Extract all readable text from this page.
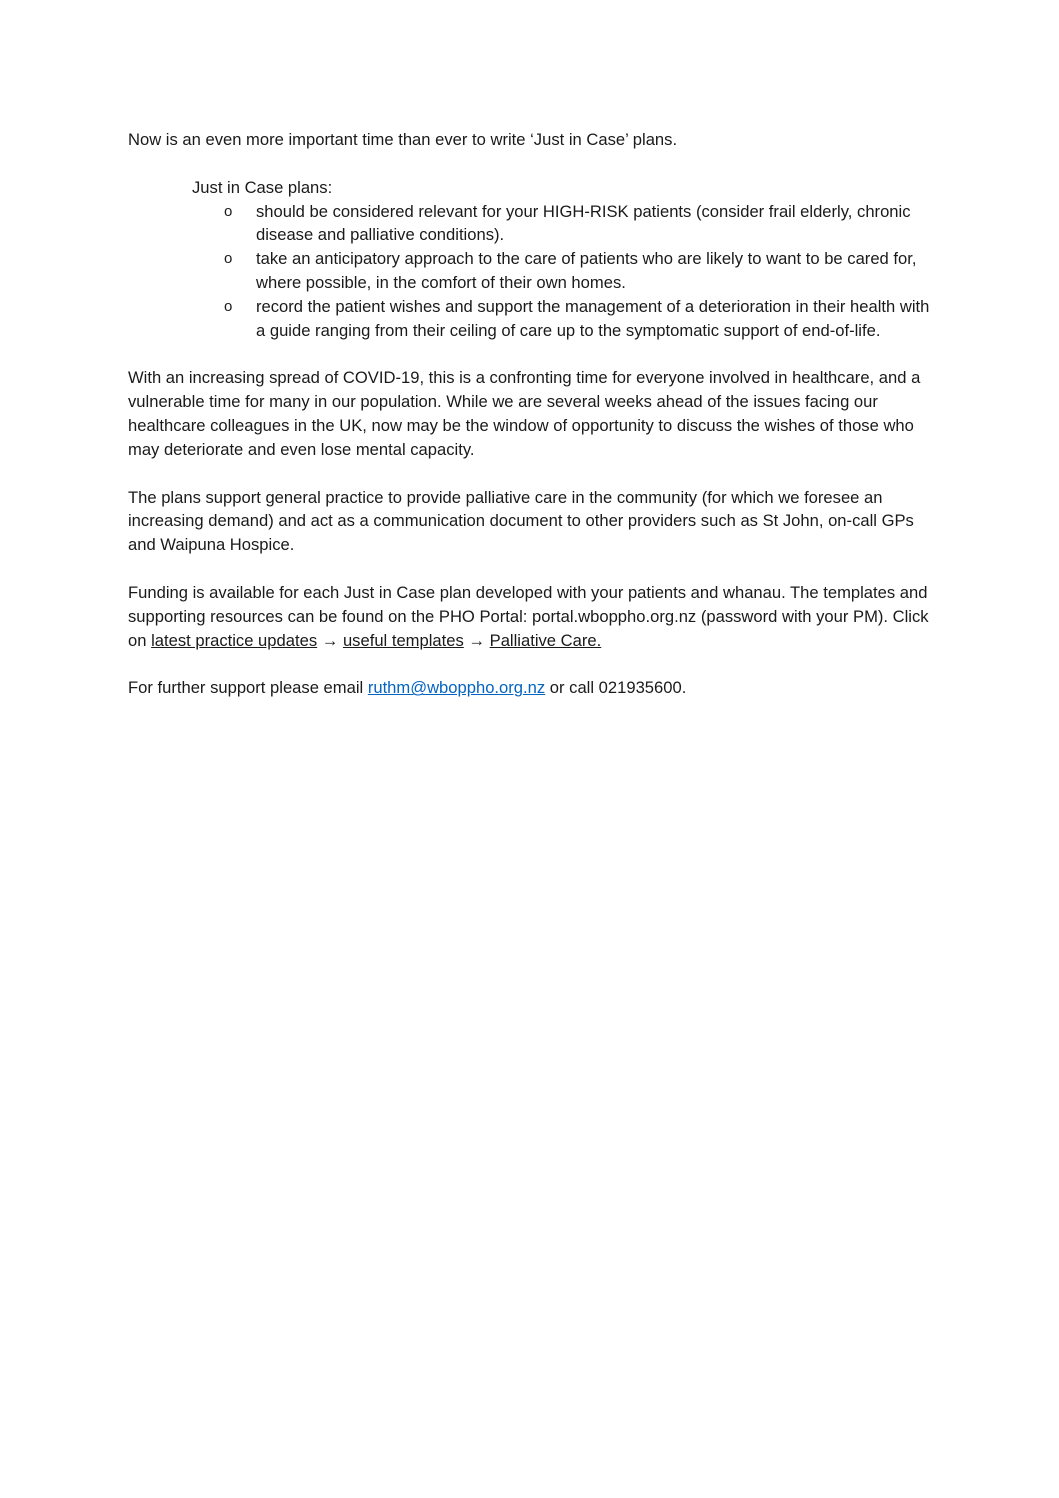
Now is an even more important time than ever to write ‘Just in Case’ plans.

Just in Case plans:

o should be considered relevant for your HIGH-RISK patients (consider frail elderly, chronic disease and palliative conditions).
o take an anticipatory approach to the care of patients who are likely to want to be cared for, where possible, in the comfort of their own homes.
o record the patient wishes and support the management of a deterioration in their health with a guide ranging from their ceiling of care up to the symptomatic support of end-of-life.

With an increasing spread of COVID-19, this is a confronting time for everyone involved in healthcare, and a vulnerable time for many in our population. While we are several weeks ahead of the issues facing our healthcare colleagues in the UK, now may be the window of opportunity to discuss the wishes of those who may deteriorate and even lose mental capacity.

The plans support general practice to provide palliative care in the community (for which we foresee an increasing demand) and act as a communication document to other providers such as St John, on-call GPs and Waipuna Hospice.

Funding is available for each Just in Case plan developed with your patients and whanau. The templates and supporting resources can be found on the PHO Portal: portal.wboppho.org.nz (password with your PM). Click on latest practice updates → useful templates → Palliative Care.

For further support please email ruthm@wboppho.org.nz or call 021935600.
